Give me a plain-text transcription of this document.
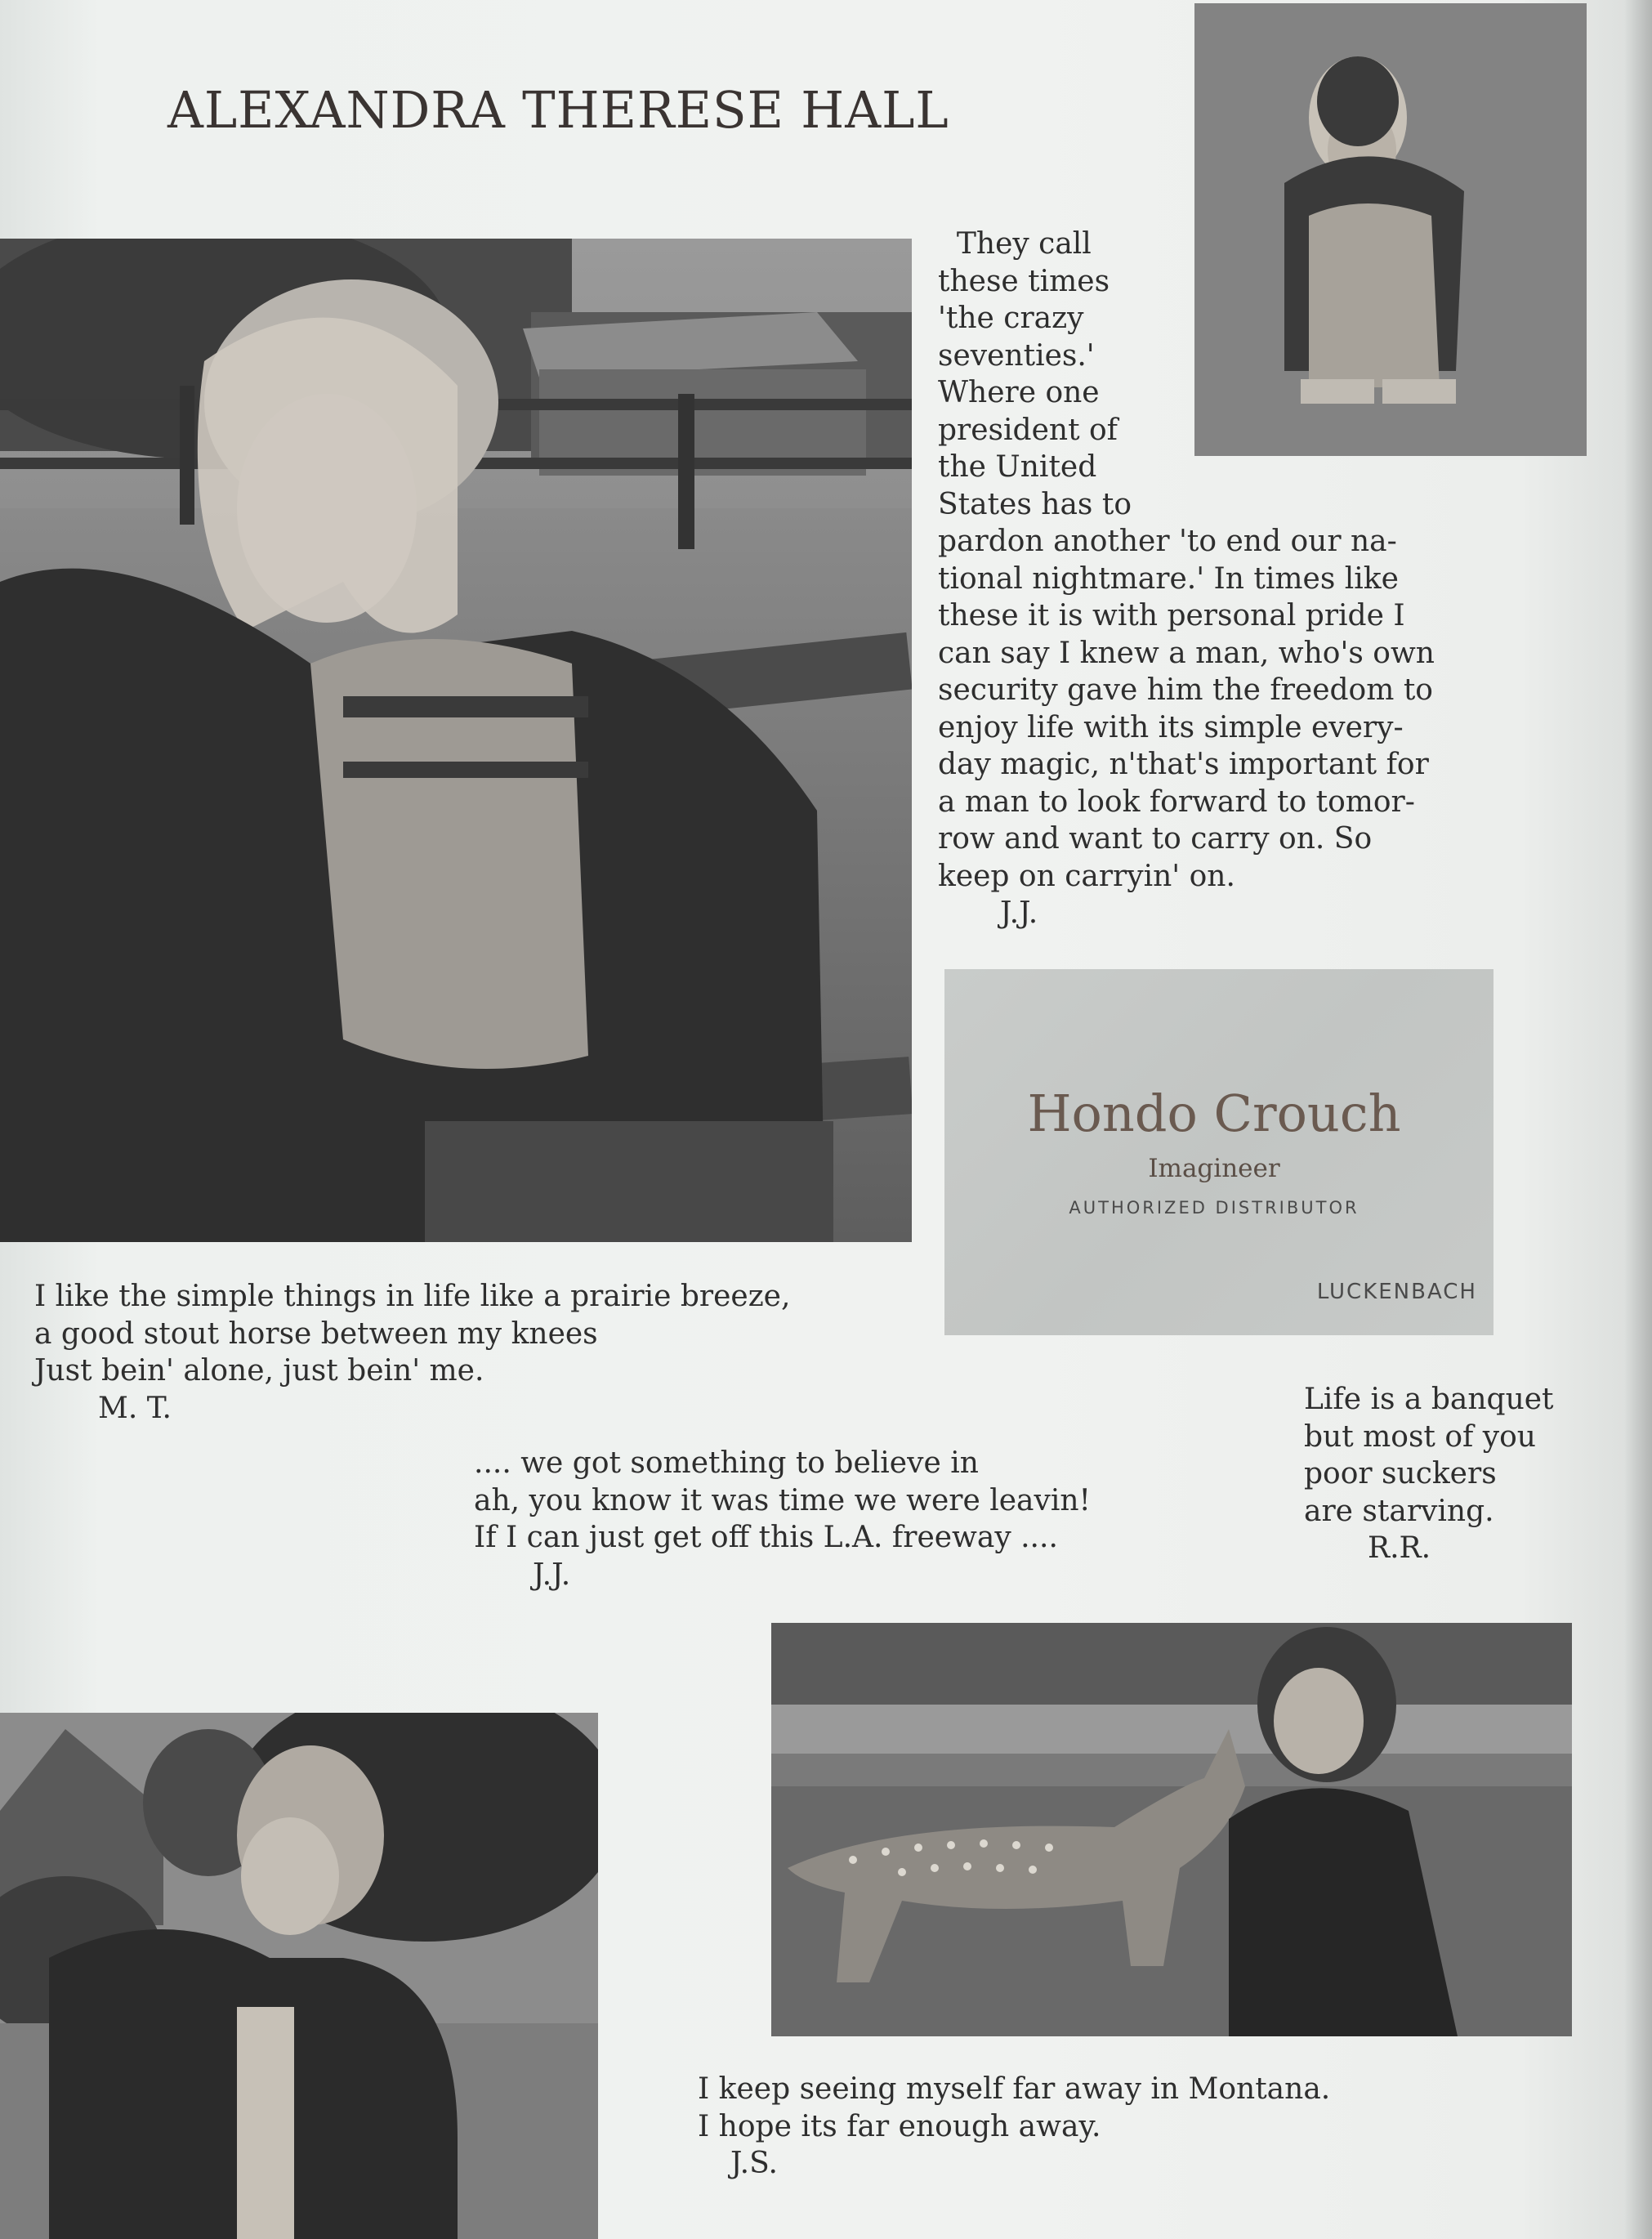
ALEXANDRA THERESE HALL

They call
these times
'the crazy
seventies.'
Where one
president of
the United
States has to
pardon another 'to end our na-
tional nightmare.' In times like
these it is with personal pride I
can say I knew a man, who's own
security gave him the freedom to
enjoy life with its simple every-
day magic, n'that's important for
a man to look forward to tomor-
row and want to carry on. So
keep on carryin' on.
J.J.

Hondo Crouch

Imagineer

AUTHORIZED DISTRIBUTOR

LUCKENBACH

I like the simple things in life like a prairie breeze,
a good stout horse between my knees
Just bein' alone, just bein' me.
M. T.	Life is a banquet
but most of you
poor suckers
are starving.
R.R.

.... we got something to believe in
ah, you know it was time we were leavin!
If I can just get off this L.A. freeway ....
J.J.

I keep seeing myself far away in Montana.
I hope its far enough away.
J.S.
